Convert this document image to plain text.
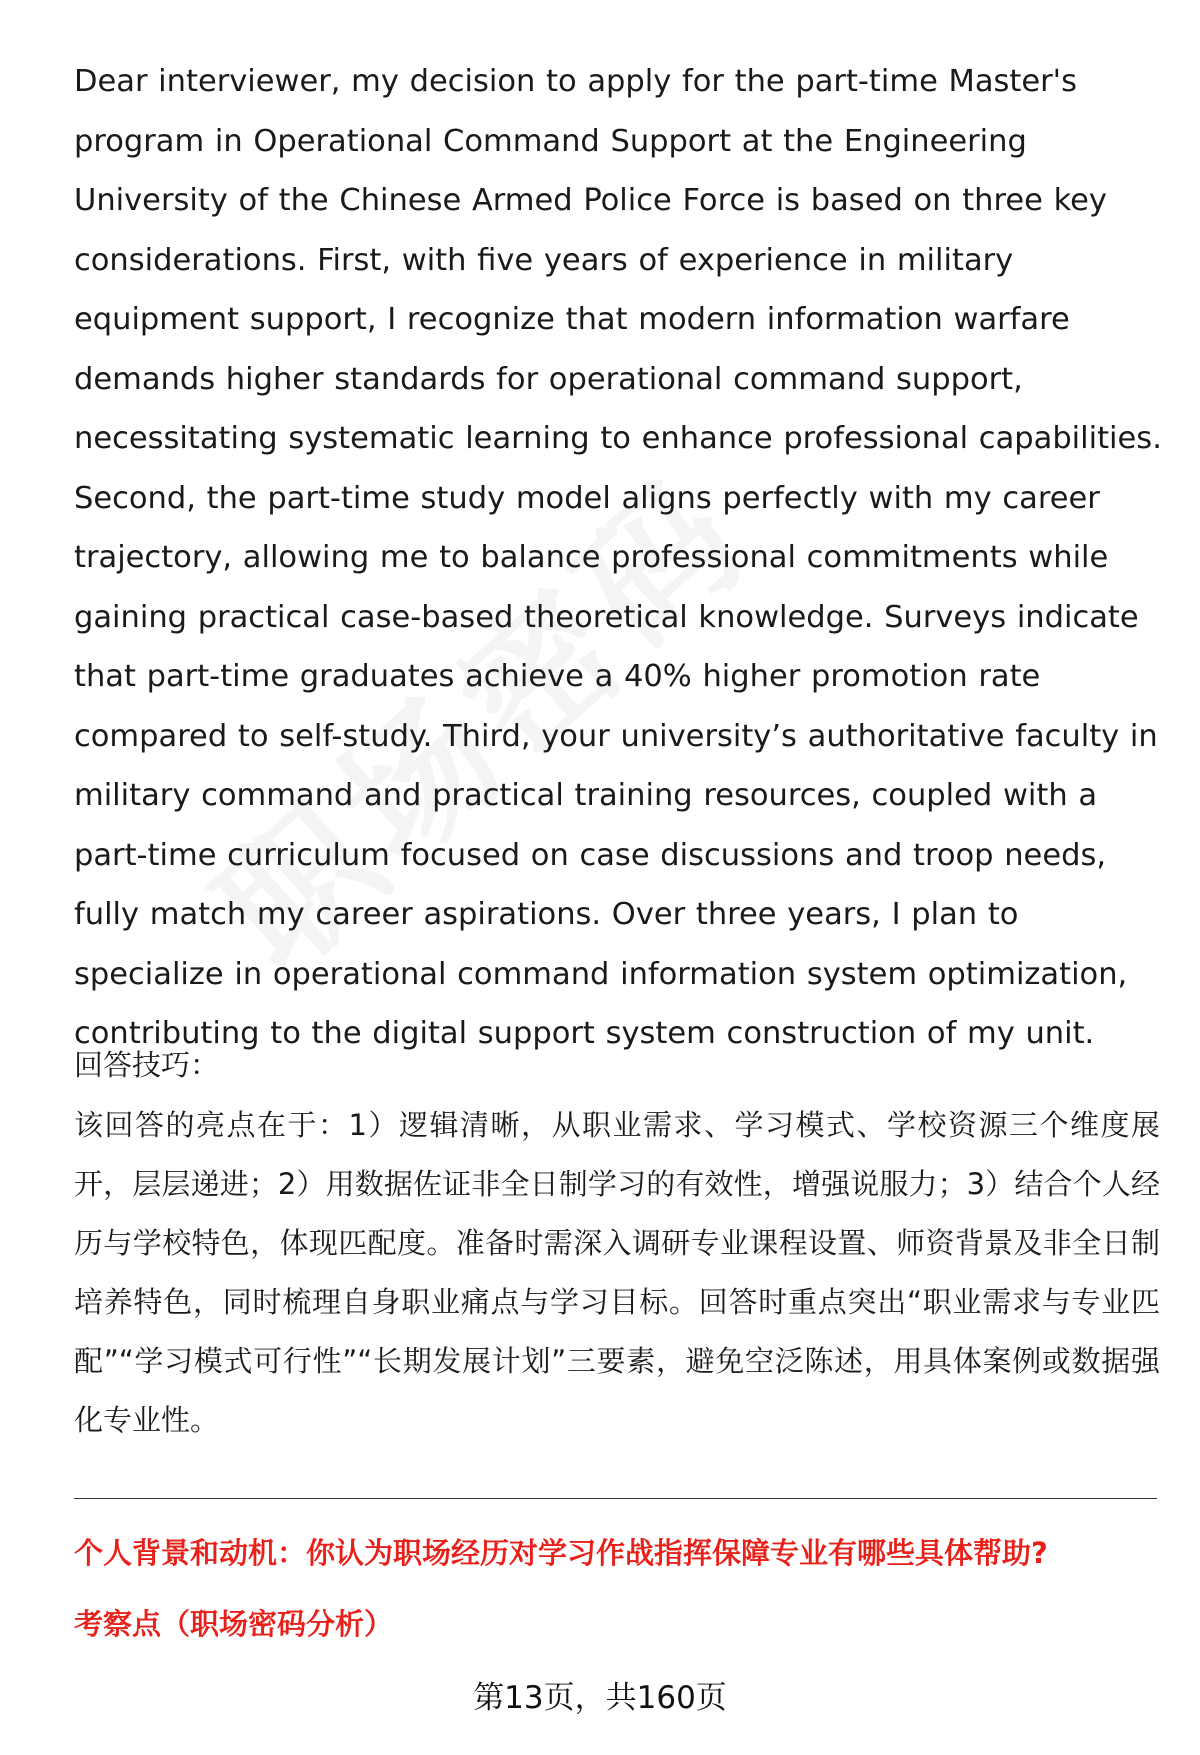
Dear interviewer, my decision to apply for the part-time Master's program in Operational Command Support at the Engineering University of the Chinese Armed Police Force is based on three key considerations. First, with five years of experience in military equipment support, I recognize that modern information warfare demands higher standards for operational command support, necessitating systematic learning to enhance professional capabilities. Second, the part-time study model aligns perfectly with my career trajectory, allowing me to balance professional commitments while gaining practical case-based theoretical knowledge. Surveys indicate that part-time graduates achieve a 40% higher promotion rate compared to self-study. Third, your university’s authoritative faculty in military command and practical training resources, coupled with a part-time curriculum focused on case discussions and troop needs, fully match my career aspirations. Over three years, I plan to specialize in operational command information system optimization, contributing to the digital support system construction of my unit.

回答技巧：

该回答的亮点在于：1）逻辑清晰，从职业需求、学习模式、学校资源三个维度展开，层层递进；2）用数据佐证非全日制学习的有效性，增强说服力；3）结合个人经历与学校特色，体现匹配度。准备时需深入调研专业课程设置、师资背景及非全日制培养特色，同时梳理自身职业痛点与学习目标。回答时重点突出“职业需求与专业匹配”“学习模式可行性”“长期发展计划”三要素，避免空泛陈述，用具体案例或数据强化专业性。

个人背景和动机：你认为职场经历对学习作战指挥保障专业有哪些具体帮助?

考察点（职场密码分析）

第13页，共160页
